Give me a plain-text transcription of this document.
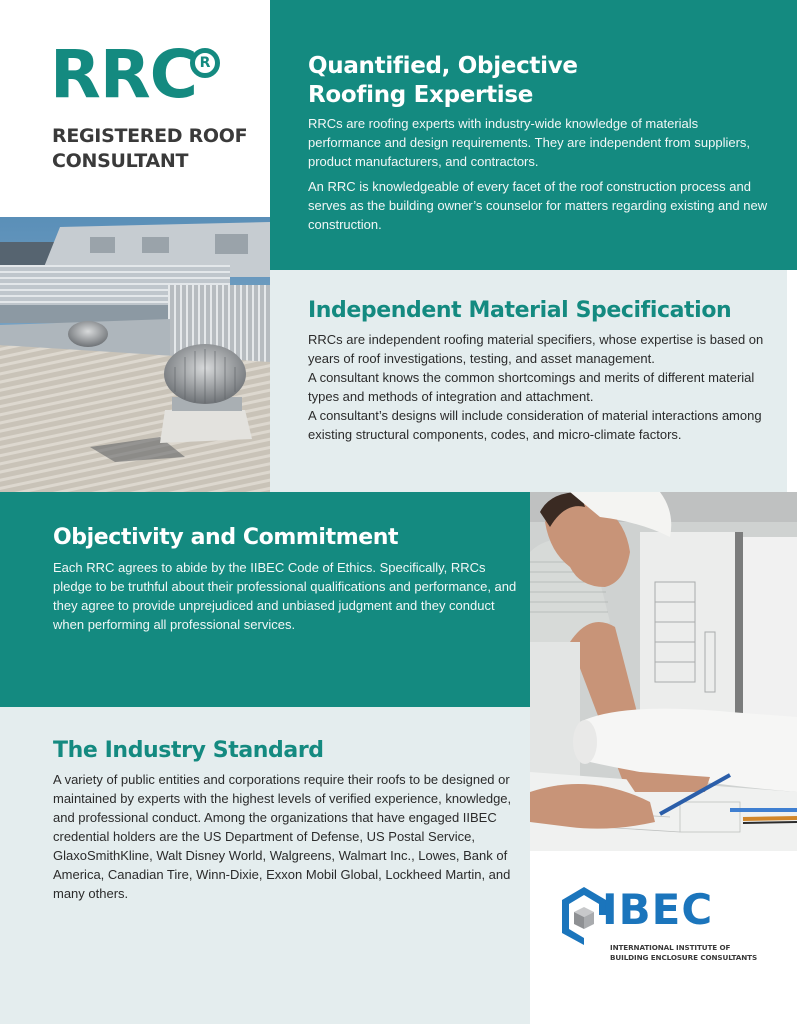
RRC R
REGISTERED ROOF
CONSULTANT
Quantified, Objective
Roofing Expertise

RRCs are roofing experts with industry-wide knowledge of materials performance and design requirements. They are independent from suppliers, product manufacturers, and contractors.

An RRC is knowledgeable of every facet of the roof construction process and serves as the building owner’s counselor for matters regarding existing and new construction.

Independent Material Specification
RRCs are independent roofing material specifiers, whose expertise is based on years of roof investigations, testing, and asset management.
A consultant knows the common shortcomings and merits of different material types and methods of integration and attachment.
A consultant’s designs will include consideration of material interactions among existing structural components, codes, and micro-climate factors.
Objectivity and Commitment

Each RRC agrees to abide by the IIBEC Code of Ethics. Specifically, RRCs pledge to be truthful about their professional qualifications and performance, and they agree to provide unprejudiced and unbiased judgment and they conduct when performing all professional services.

The Industry Standard

A variety of public entities and corporations require their roofs to be designed or maintained by experts with the highest levels of verified experience, knowledge, and professional conduct. Among the organizations that have engaged IIBEC credential holders are the US Department of Defense, US Postal Service, GlaxoSmithKline, Walt Disney World, Walgreens, Walmart Inc., Lowes, Bank of America, Canadian Tire, Winn-Dixie, Exxon Mobil Global, Lockheed Martin, and many others.	IBEC
INTERNATIONAL INSTITUTE OF
BUILDING ENCLOSURE CONSULTANTS
